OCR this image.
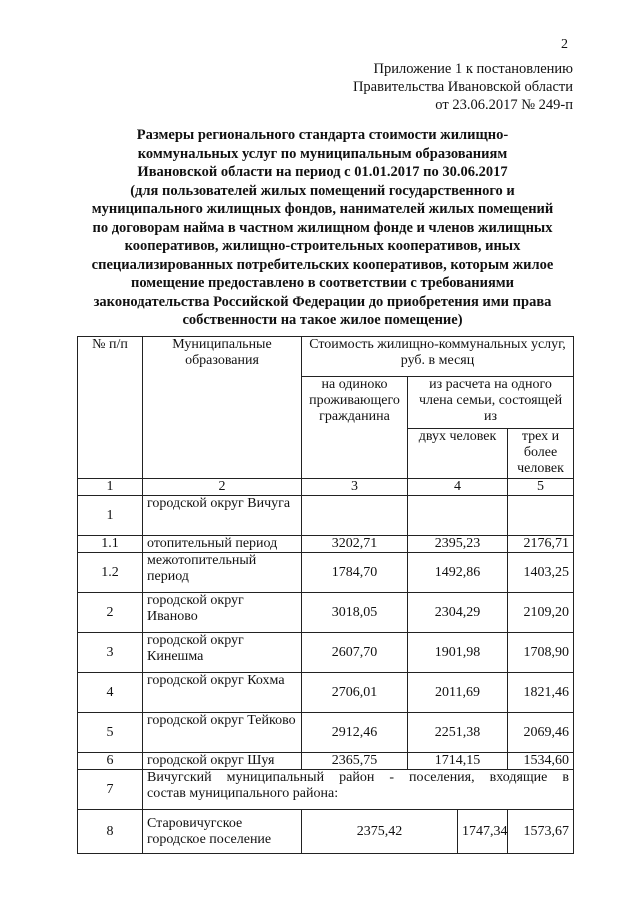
2
Приложение 1 к постановлению
Правительства Ивановской области
от 23.06.2017 № 249-п
Размеры регионального стандарта стоимости жилищно-
коммунальных услуг по муниципальным образованиям
Ивановской области на период с 01.01.2017 по 30.06.2017
(для пользователей жилых помещений государственного и
муниципального жилищных фондов, нанимателей жилых помещений
по договорам найма в частном жилищном фонде и членов жилищных
кооперативов, жилищно-строительных кооперативов, иных
специализированных потребительских кооперативов, которым жилое
помещение предоставлено в соответствии с требованиями
законодательства Российской Федерации до приобретения ими права
собственности на такое жилое помещение)
№ п/п	Муниципальные образования	Стоимость жилищно-коммунальных услуг, руб. в месяц			
		на одиноко проживающего гражданина	из расчета на одного члена семьи, состоящей из		
			двух человек		трех и более человек
1	2	3	4		5
1	городской округ Вичуга				
1.1	отопительный период	3202,71	2395,23		2176,71
1.2	межотопительный период	1784,70	1492,86		1403,25
2	городской округ Иваново	3018,05	2304,29		2109,20
3	городской округ Кинешма	2607,70	1901,98		1708,90
4	городской округ Кохма	2706,01	2011,69		1821,46
5	городской округ Тейково	2912,46	2251,38		2069,46
6	городской округ Шуя	2365,75	1714,15		1534,60
7	Вичугский муниципальный район - поселения, входящие в
состав муниципального района:				

8	Старовичугское городское поселение	2375,42		1747,34	1573,67
